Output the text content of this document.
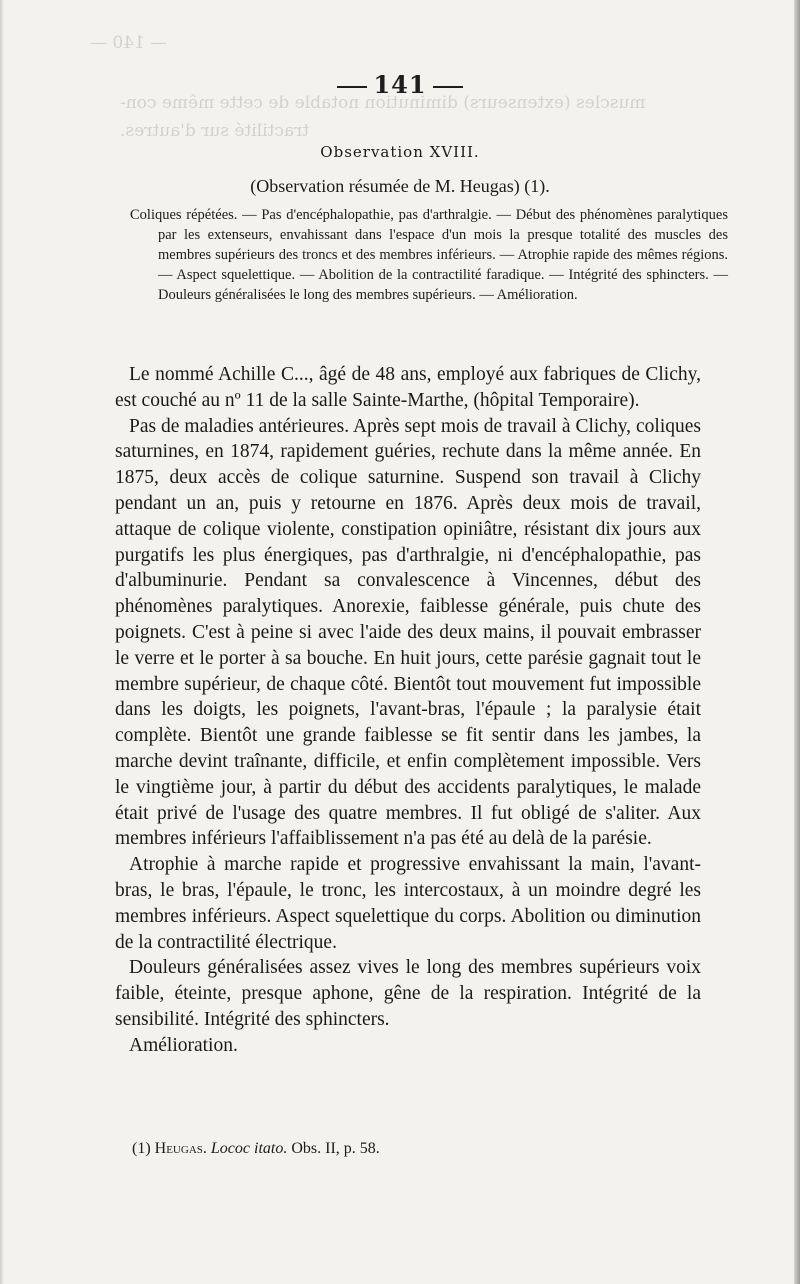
— 140 —
muscles (extenseurs) diminution notable de cette même con-
tractilité sur d'autres.
141
Observation XVIII.
(Observation résumée de M. Heugas) (1).
Coliques répétées. — Pas d'encéphalopathie, pas d'arthralgie. — Début des phénomènes paralytiques par les extenseurs, envahissant dans l'espace d'un mois la presque totalité des muscles des membres supérieurs des troncs et des membres inférieurs. — Atrophie rapide des mêmes régions. — Aspect squelettique. — Abolition de la contractilité faradique. — Intégrité des sphincters. — Douleurs généralisées le long des membres supérieurs. — Amélioration.

Le nommé Achille C..., âgé de 48 ans, employé aux fabriques de Clichy, est couché au nº 11 de la salle Sainte-Marthe, (hôpital Temporaire).

Pas de maladies antérieures. Après sept mois de travail à Clichy, coliques saturnines, en 1874, rapidement guéries, rechute dans la même année. En 1875, deux accès de colique saturnine. Suspend son travail à Clichy pendant un an, puis y retourne en 1876. Après deux mois de travail, attaque de colique violente, constipation opiniâtre, résistant dix jours aux purgatifs les plus énergiques, pas d'arthralgie, ni d'encéphalopathie, pas d'albuminurie. Pendant sa convalescence à Vincennes, début des phénomènes paralytiques. Anorexie, faiblesse générale, puis chute des poignets. C'est à peine si avec l'aide des deux mains, il pouvait embrasser le verre et le porter à sa bouche. En huit jours, cette parésie gagnait tout le membre supérieur, de chaque côté. Bientôt tout mouvement fut impossible dans les doigts, les poignets, l'avant-bras, l'épaule ; la paralysie était complète. Bientôt une grande faiblesse se fit sentir dans les jambes, la marche devint traînante, difficile, et enfin complètement impossible. Vers le vingtième jour, à partir du début des accidents paralytiques, le malade était privé de l'usage des quatre membres. Il fut obligé de s'aliter. Aux membres inférieurs l'affaiblissement n'a pas été au delà de la parésie.

Atrophie à marche rapide et progressive envahissant la main, l'avant-bras, le bras, l'épaule, le tronc, les intercostaux, à un moindre degré les membres inférieurs. Aspect squelettique du corps. Abolition ou diminution de la contractilité électrique.

Douleurs généralisées assez vives le long des membres supérieurs voix faible, éteinte, presque aphone, gêne de la respiration. Intégrité de la sensibilité. Intégrité des sphincters.

Amélioration.

(1) Heugas. Lococ itato. Obs. II, p. 58.
